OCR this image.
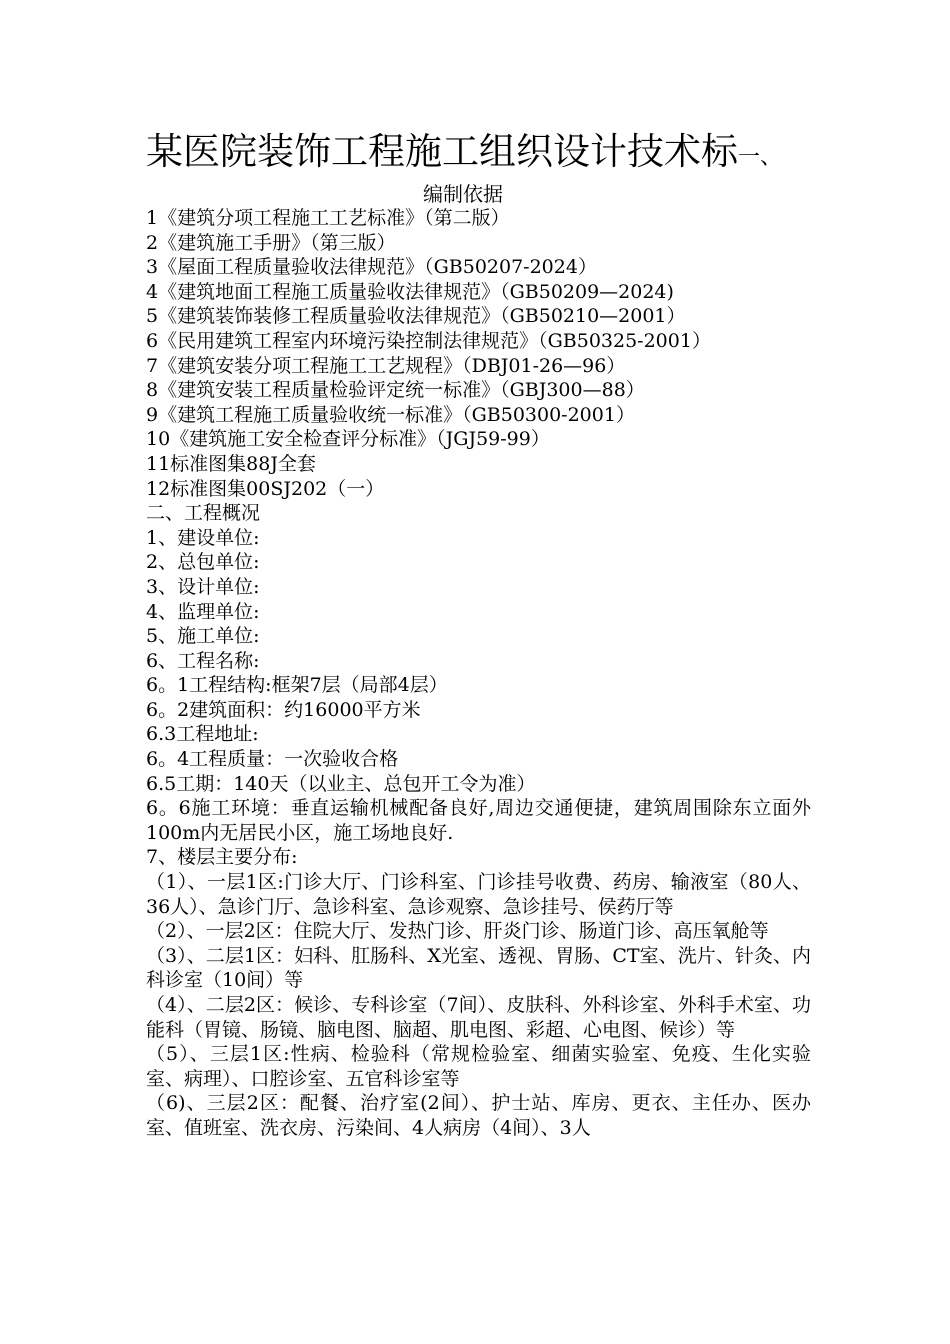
某医院装饰工程施工组织设计技术标一、

编制依据

1《建筑分项工程施工工艺标准》（第二版）

2《建筑施工手册》（第三版）

3《屋面工程质量验收法律规范》（GB50207-2024）

4《建筑地面工程施工质量验收法律规范》（GB50209—2024)

5《建筑装饰装修工程质量验收法律规范》（GB50210—2001）

6《民用建筑工程室内环境污染控制法律规范》（GB50325-2001）

7《建筑安装分项工程施工工艺规程》（DBJ01-26—96）

8《建筑安装工程质量检验评定统一标准》（GBJ300—88）

9《建筑工程施工质量验收统一标准》（GB50300-2001）

10《建筑施工安全检查评分标准》（JGJ59-99）

11标准图集88J全套

12标准图集00SJ202（一）

二、工程概况

1、建设单位:

2、总包单位:

3、设计单位:

4、监理单位:

5、施工单位:

6、工程名称:

6。1工程结构:框架7层（局部4层）

6。2建筑面积：约16000平方米

6.3工程地址:

6。4工程质量：一次验收合格

6.5工期：140天（以业主、总包开工令为准）

6。6施工环境：垂直运输机械配备良好,周边交通便捷，建筑周围除东立面外100m内无居民小区，施工场地良好.

7、楼层主要分布:

（1）、一层1区:门诊大厅、门诊科室、门诊挂号收费、药房、输液室（80人、36人）、急诊门厅、急诊科室、急诊观察、急诊挂号、侯药厅等

（2）、一层2区：住院大厅、发热门诊、肝炎门诊、肠道门诊、高压氧舱等

（3）、二层1区：妇科、肛肠科、X光室、透视、胃肠、CT室、洗片、针灸、内科诊室（10间）等

（4）、二层2区：候诊、专科诊室（7间）、皮肤科、外科诊室、外科手术室、功能科（胃镜、肠镜、脑电图、脑超、肌电图、彩超、心电图、候诊）等

（5）、三层1区:性病、检验科（常规检验室、细菌实验室、免疫、生化实验室、病理）、口腔诊室、五官科诊室等

（6)、三层2区：配餐、治疗室(2间）、护士站、库房、更衣、主任办、医办室、值班室、洗衣房、污染间、4人病房（4间）、3人
